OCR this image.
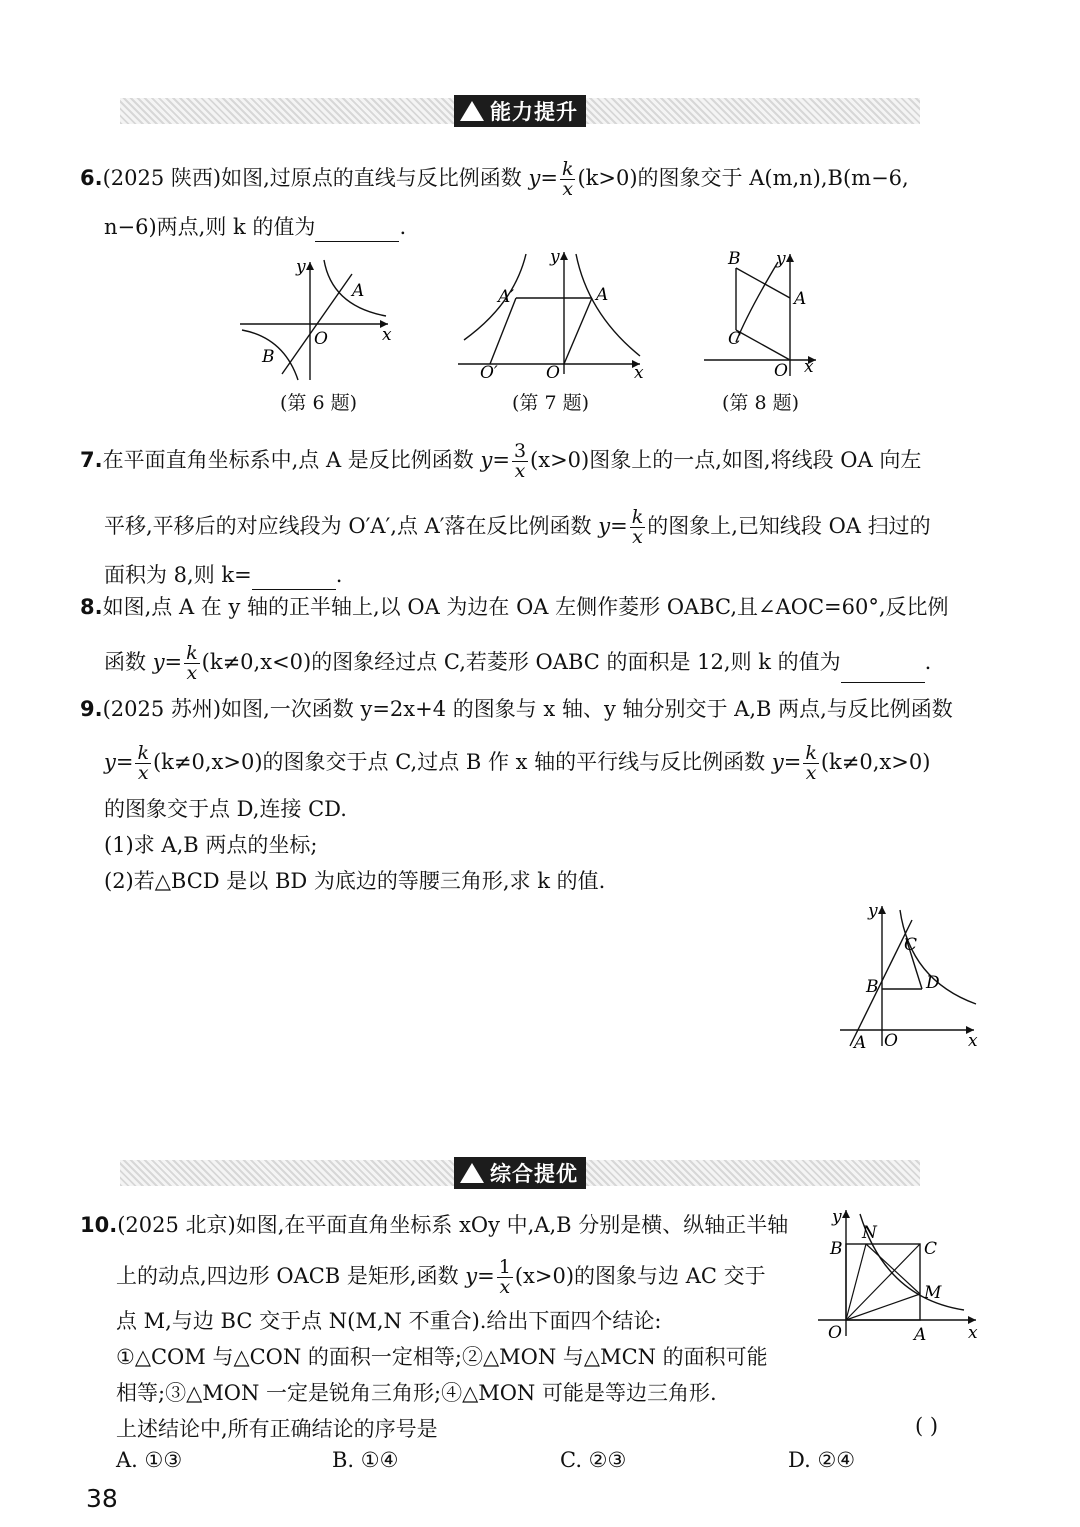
能力提升
6.(2025 陕西)如图,过原点的直线与反比例函数 $y= \frac{k}{x} (k>0)$的图象交于 A(m,n),B(m−6,
n−6)两点,则 k 的值为	.
y
x
O
A
B
(第 6 题)
y
x
O
O′
A′	A
(第 7 题)
y
x
O
A
B
C
(第 8 题)
7.在平面直角坐标系中,点 A 是反比例函数 $y= \frac{3}{x} (x>0)$图象上的一点,如图,将线段 OA 向左
平移,平移后的对应线段为 O′A′,点 A′落在反比例函数 $y= \frac{k}{x}$ 的图象上,已知线段 OA 扫过的
面积为 8,则 k=	.
8.如图,点 A 在 y 轴的正半轴上,以 OA 为边在 OA 左侧作菱形 OABC,且∠AOC=60°,反比例
函数 $y= \frac{k}{x} (k\ne 0,x<0)$的图象经过点 C,若菱形 OABC 的面积是 12,则 k 的值为	.
9.(2025 苏州)如图,一次函数 y=2x+4 的图象与 x 轴、y 轴分别交于 A,B 两点,与反比例函数
$y= \frac{k}{x} (k\ne 0,x>0)$的图象交于点 C,过点 B 作 x 轴的平行线与反比例函数 $y= \frac{k}{x} (k\ne 0,x>0)$
的图象交于点 D,连接 CD.
(1)求 A,B 两点的坐标;
(2)若△BCD 是以 BD 为底边的等腰三角形,求 k 的值.
y
x
O
A
B
C
D
综合提优
10.(2025 北京)如图,在平面直角坐标系 xOy 中,A,B 分别是横、纵轴正半轴
上的动点,四边形 OACB 是矩形,函数 $y= \frac{1}{x} (x>0)$的图象与边 AC 交于
点 M,与边 BC 交于点 N(M,N 不重合).给出下面四个结论:
①△COM 与△CON 的面积一定相等;②△MON 与△MCN 的面积可能
相等;③△MON 一定是锐角三角形;④△MON 可能是等边三角形.
上述结论中,所有正确结论的序号是	( )
A. ①③	B. ①④	C. ②③	D. ②④
y
x
O	A
B	C
M
N
38
